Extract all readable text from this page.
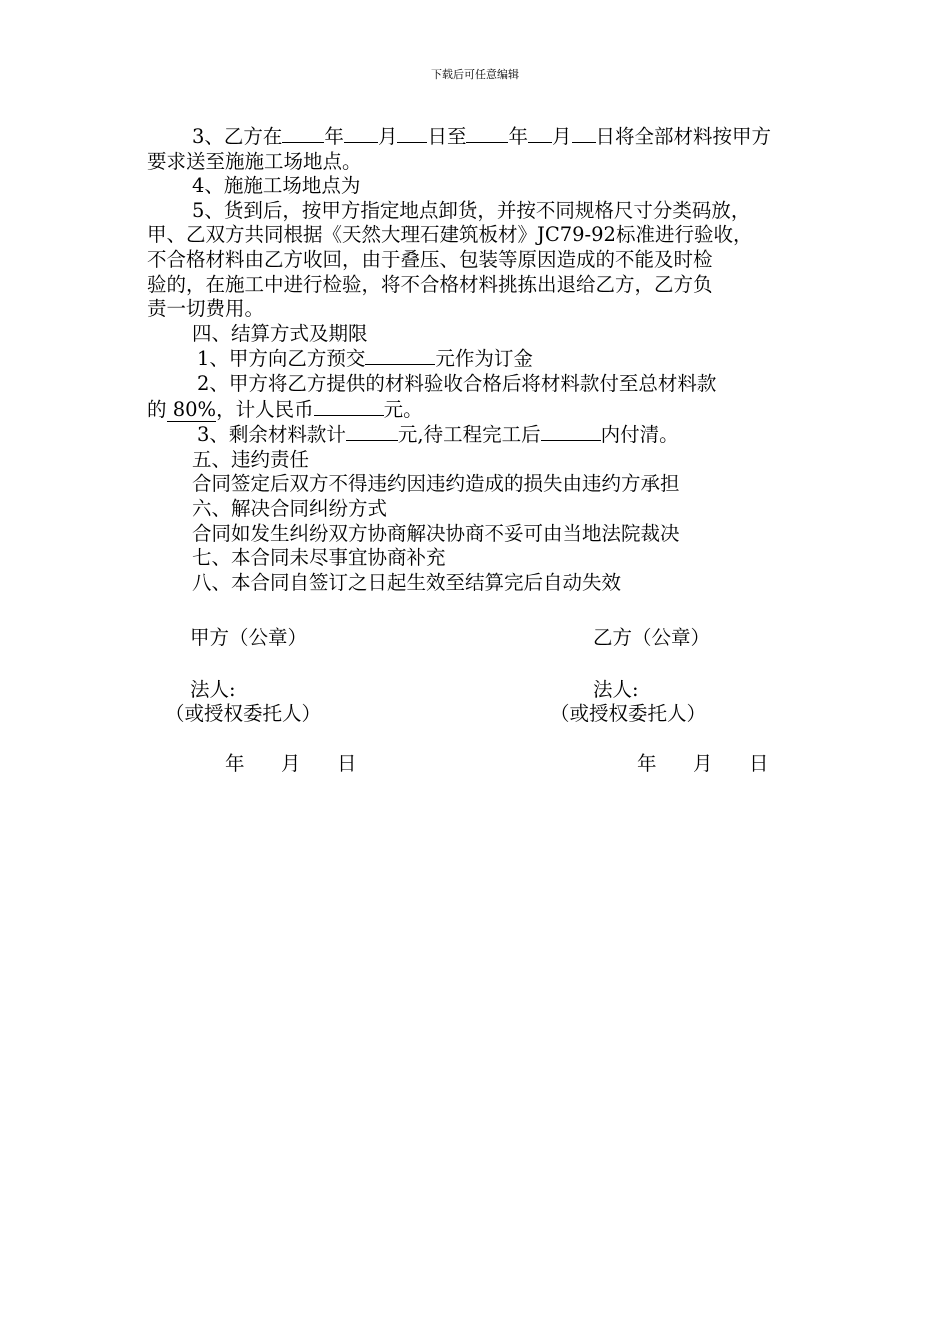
下载后可任意编辑
3、乙方在 年 月 日至 年 月 日将全部材料按甲方
要求送至施施工场地点。
4、施施工场地点为
5、货到后，按甲方指定地点卸货，并按不同规格尺寸分类码放，
甲、乙双方共同根据《天然大理石建筑板材》JC79-92标准进行验收，
不合格材料由乙方收回，由于叠压、包装等原因造成的不能及时检
验的，在施工中进行检验，将不合格材料挑拣出退给乙方，乙方负
责一切费用。
四、结算方式及期限
1、甲方向乙方预交	元作为订金
2、甲方将乙方提供的材料验收合格后将材料款付至总材料款
的 80%，计人民币	元。
3、剩余材料款计	元,待工程完工后	内付清。
五、违约责任
合同签定后双方不得违约因违约造成的损失由违约方承担
六、解决合同纠纷方式
合同如发生纠纷双方协商解决协商不妥可由当地法院裁决
七、本合同未尽事宜协商补充
八、本合同自签订之日起生效至结算完后自动失效
甲方（公章）	乙方（公章）
法人:	法人:
（或授权委托人）	（或授权委托人）
年 月 日	年 月 日
